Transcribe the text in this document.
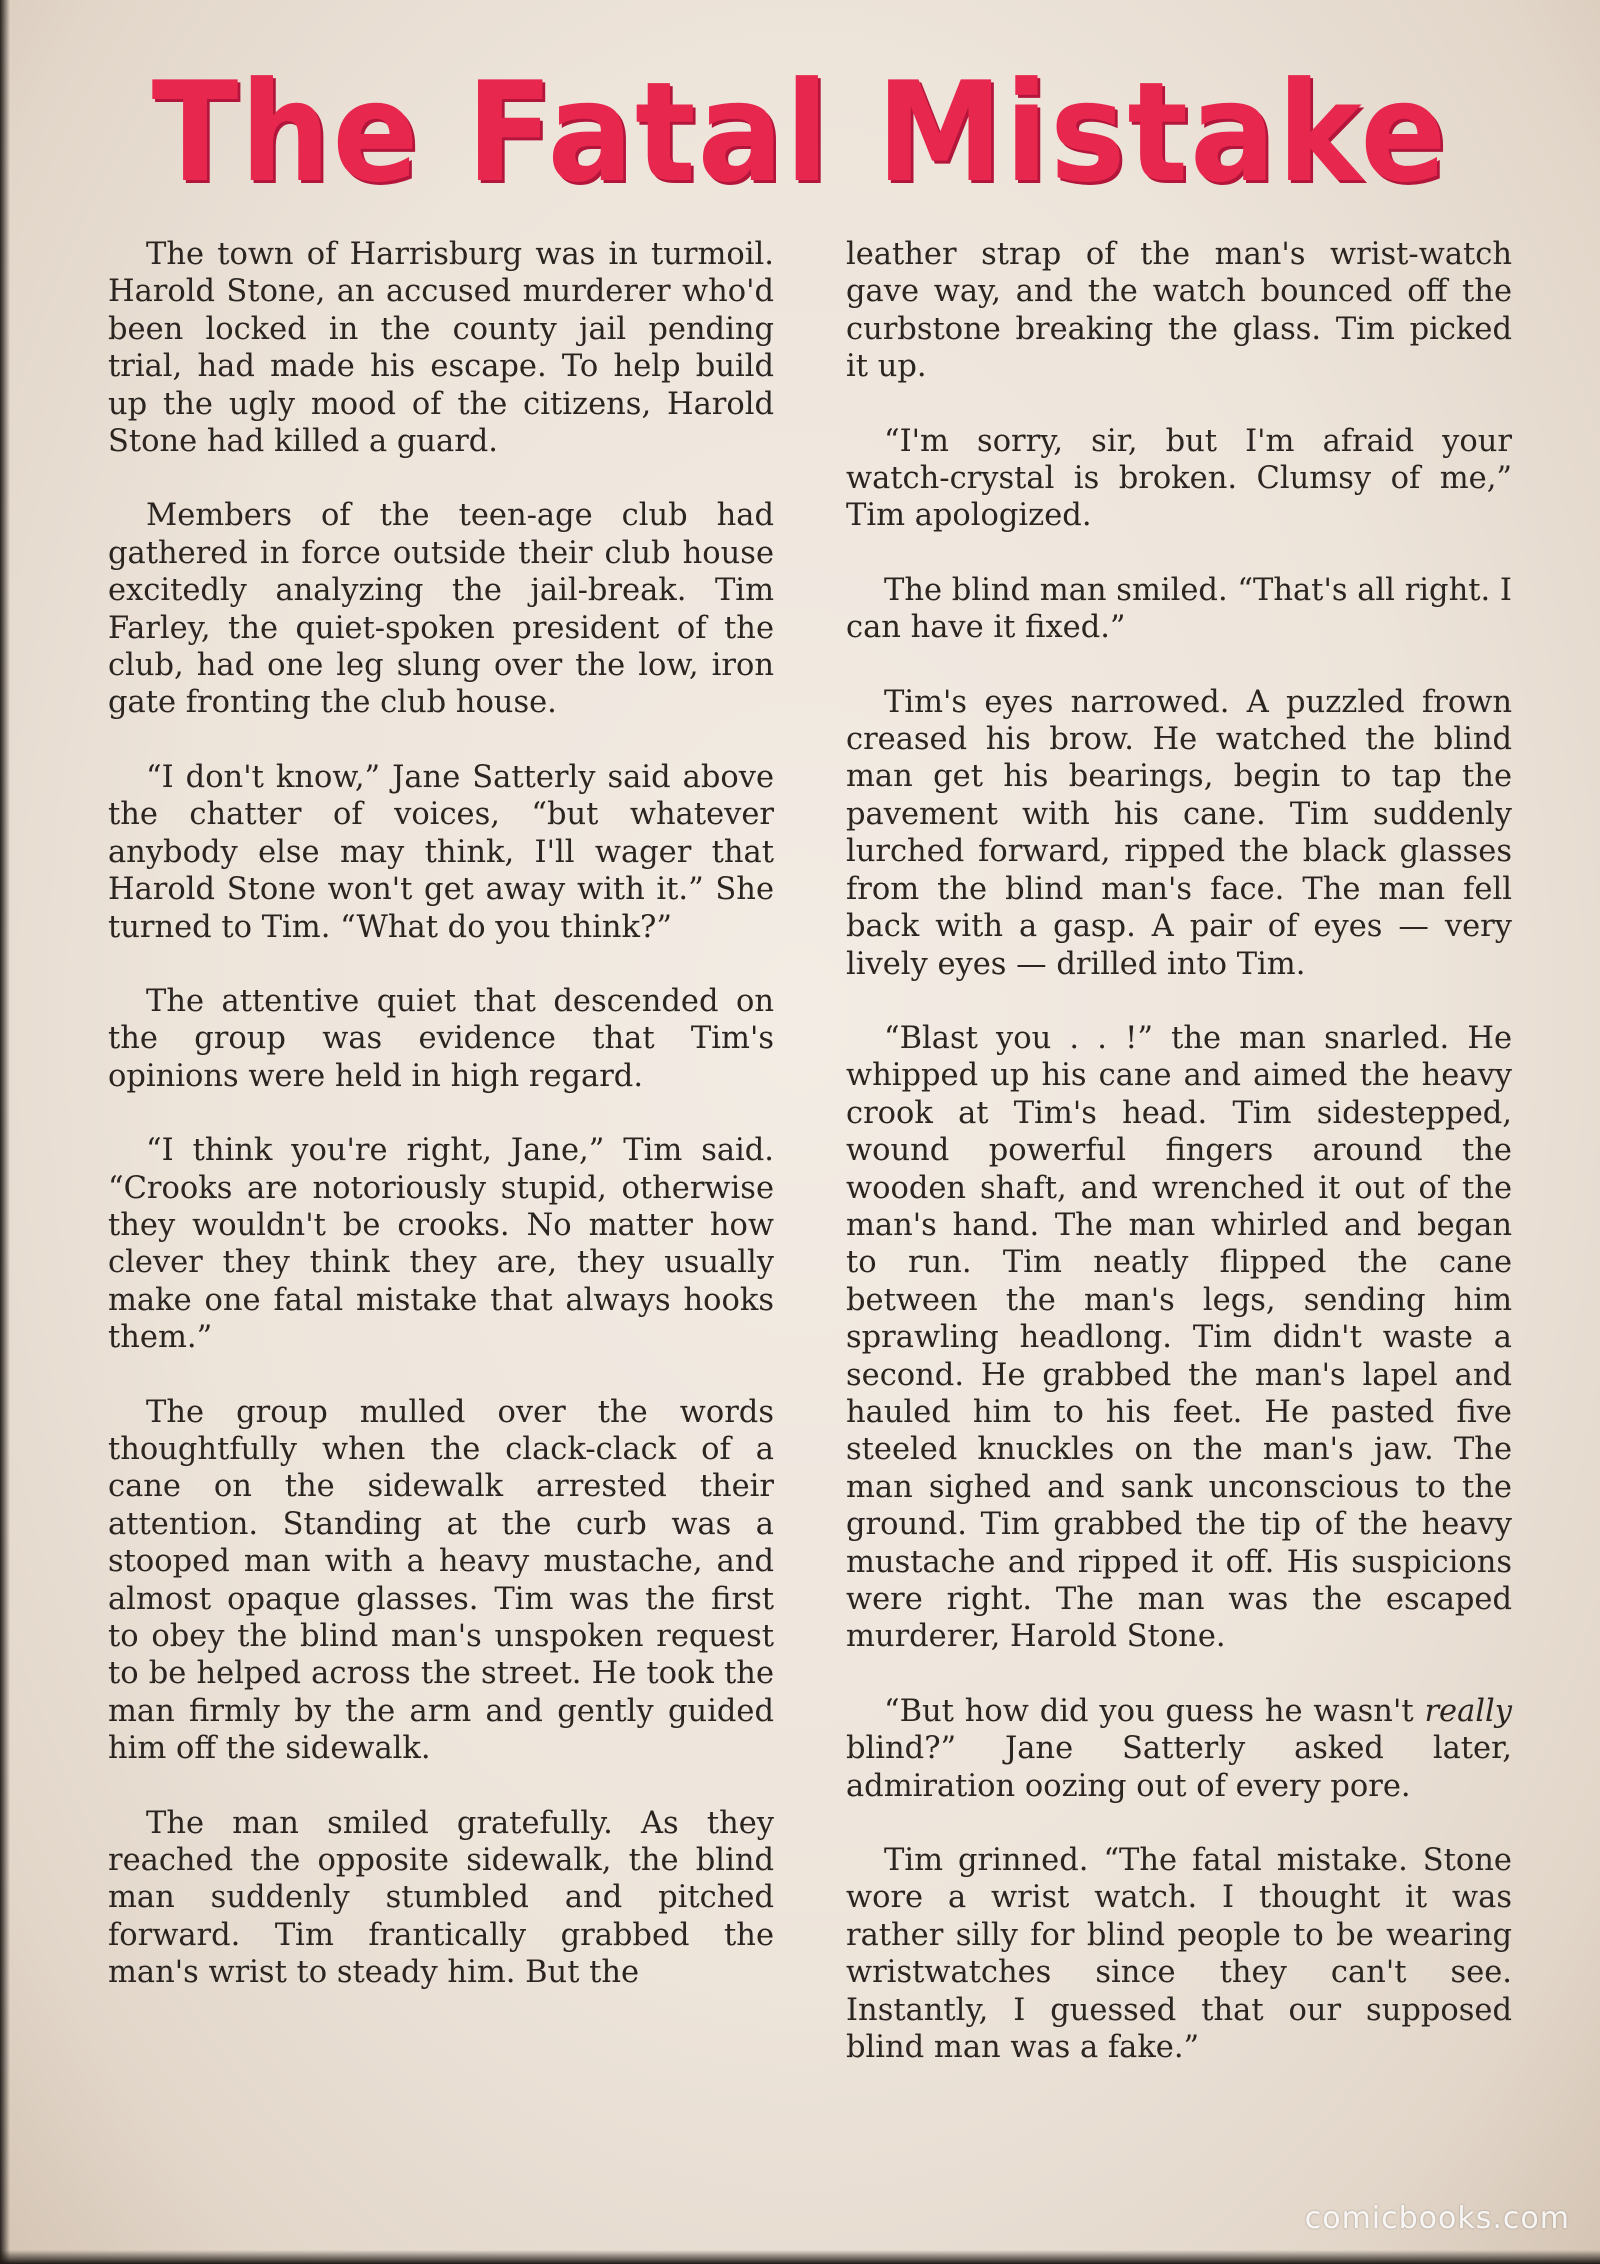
The Fatal Mistake

The town of Harrisburg was in turmoil. Harold Stone, an accused murderer who'd been locked in the county jail pending trial, had made his escape. To help build up the ugly mood of the citizens, Harold Stone had killed a guard.

Members of the teen-age club had gathered in force outside their club house excitedly analyzing the jail-break. Tim Farley, the quiet-spoken president of the club, had one leg slung over the low, iron gate fronting the club house.

“I don't know,” Jane Satterly said above the chatter of voices, “but whatever anybody else may think, I'll wager that Harold Stone won't get away with it.” She turned to Tim. “What do you think?”

The attentive quiet that descended on the group was evidence that Tim's opinions were held in high regard.

“I think you're right, Jane,” Tim said. “Crooks are notoriously stupid, otherwise they wouldn't be crooks. No matter how clever they think they are, they usually make one fatal mistake that always hooks them.”

The group mulled over the words thoughtfully when the clack-clack of a cane on the sidewalk arrested their attention. Standing at the curb was a stooped man with a heavy mustache, and almost opaque glasses. Tim was the first to obey the blind man's unspoken request to be helped across the street. He took the man firmly by the arm and gently guided him off the sidewalk.

The man smiled gratefully. As they reached the opposite sidewalk, the blind man suddenly stumbled and pitched forward. Tim frantically grabbed the man's wrist to steady him. But the

leather strap of the man's wrist-watch gave way, and the watch bounced off the curbstone breaking the glass. Tim picked it up.

“I'm sorry, sir, but I'm afraid your watch-crystal is broken. Clumsy of me,” Tim apologized.

The blind man smiled. “That's all right. I can have it fixed.”

Tim's eyes narrowed. A puzzled frown creased his brow. He watched the blind man get his bearings, begin to tap the pavement with his cane. Tim suddenly lurched forward, ripped the black glasses from the blind man's face. The man fell back with a gasp. A pair of eyes — very lively eyes — drilled into Tim.

“Blast you . . !” the man snarled. He whipped up his cane and aimed the heavy crook at Tim's head. Tim sidestepped, wound powerful fingers around the wooden shaft, and wrenched it out of the man's hand. The man whirled and began to run. Tim neatly flipped the cane between the man's legs, sending him sprawling headlong. Tim didn't waste a second. He grabbed the man's lapel and hauled him to his feet. He pasted five steeled knuckles on the man's jaw. The man sighed and sank unconscious to the ground. Tim grabbed the tip of the heavy mustache and ripped it off. His suspicions were right. The man was the escaped murderer, Harold Stone.

“But how did you guess he wasn't really blind?” Jane Satterly asked later, admiration oozing out of every pore.

Tim grinned. “The fatal mistake. Stone wore a wrist watch. I thought it was rather silly for blind people to be wearing wristwatches since they can't see. Instantly, I guessed that our supposed blind man was a fake.”

comicbooks.com
